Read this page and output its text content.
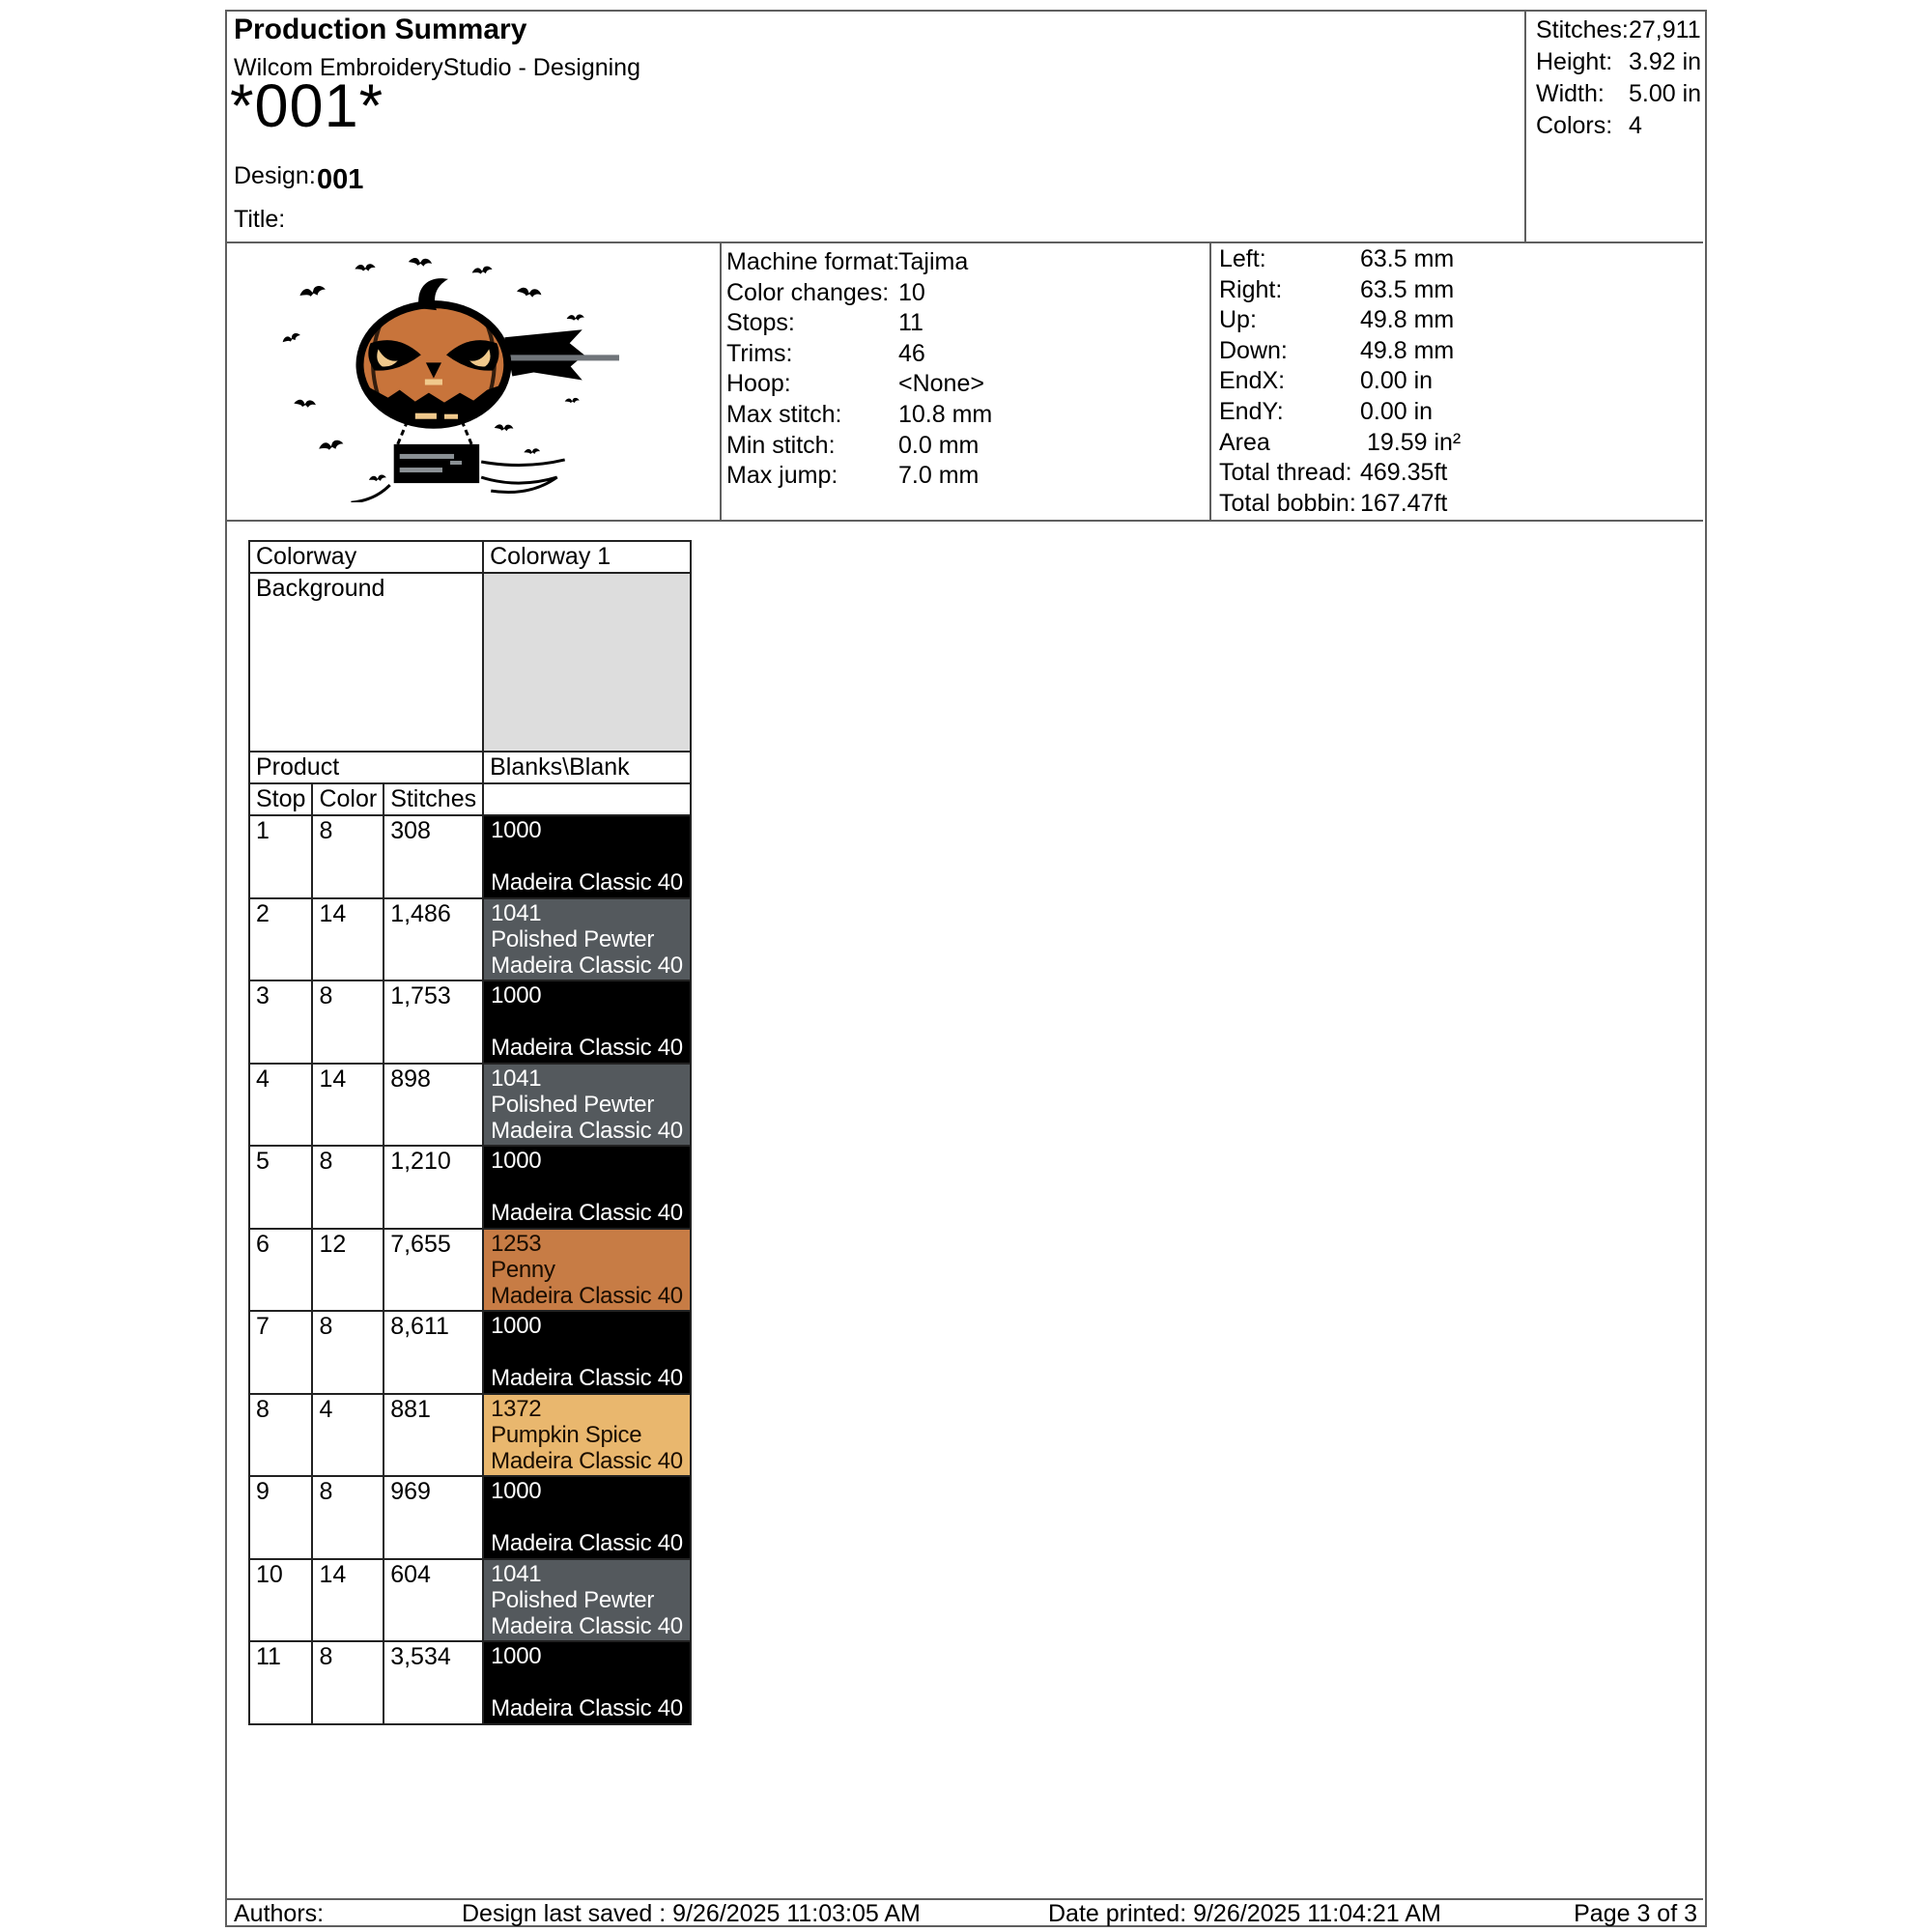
Production Summary
Wilcom EmbroideryStudio - Designing
*001*
Design: 001
Title:
Stitches:27,911
Height: 3.92 in
Width: 5.00 in
Colors: 4
Machine format:Tajima
Color changes: 10
Stops:	11
Trims:	46
Hoop:	<None>
Max stitch: 10.8 mm
Min stitch:	0.0 mm
Max jump:	7.0 mm
Left:	63.5 mm
Right:	63.5 mm
Up:	49.8 mm
Down:	49.8 mm
EndX:	0.00 in
EndY:	0.00 in
Area	19.59 in²
Total thread: 469.35ft
Total bobbin: 167.47ft
Colorway			Colorway 1
Background			
Product			Blanks\Blank
Stop	Color	Stitches	
1	8	308	1000
Madeira Classic 40

2	14	1,486	1041
Polished Pewter
Madeira Classic 40

3	8	1,753	1000
Madeira Classic 40

4	14	898	1041
Polished Pewter
Madeira Classic 40

5	8	1,210	1000
Madeira Classic 40

6	12	7,655	1253
Penny
Madeira Classic 40

7	8	8,611	1000
Madeira Classic 40

8	4	881	1372
Pumpkin Spice
Madeira Classic 40

9	8	969	1000
Madeira Classic 40

10	14	604	1041
Polished Pewter
Madeira Classic 40

11	8	3,534	1000
Madeira Classic 40
Authors:	Design last saved : 9/26/2025 11:03:05 AM	Date printed: 9/26/2025 11:04:21 AM	Page 3 of 3
